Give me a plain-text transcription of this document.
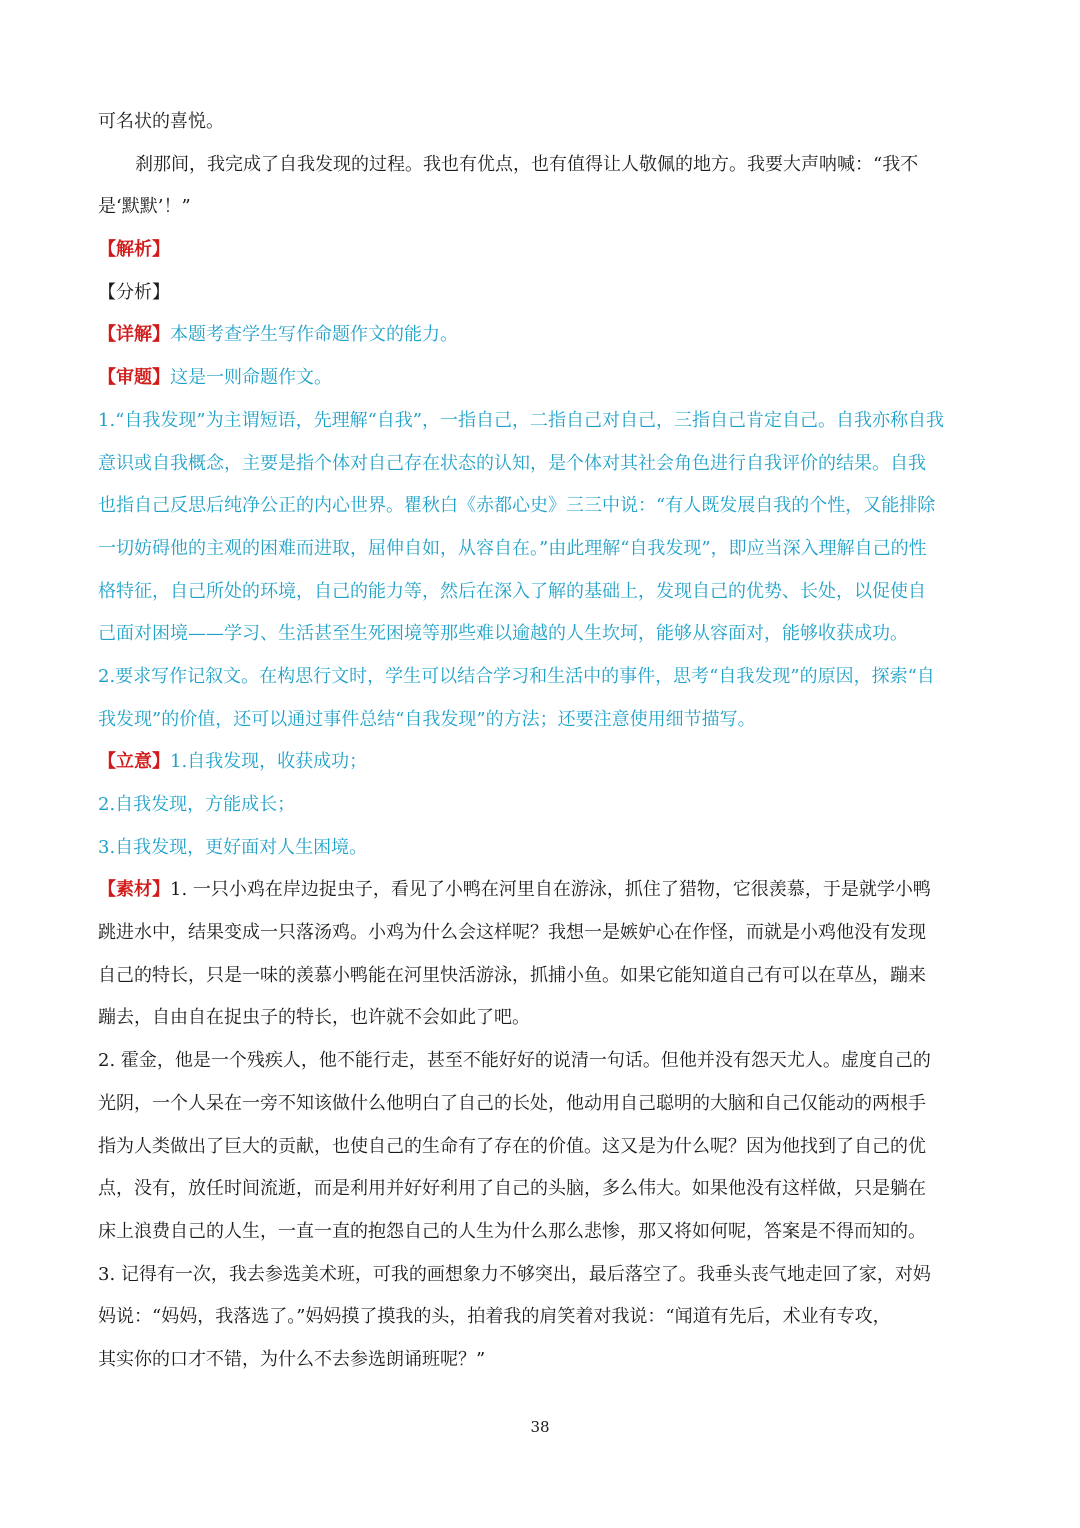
可名状的喜悦。
刹那间，我完成了自我发现的过程。我也有优点，也有值得让人敬佩的地方。我要大声呐喊：“我不
是‘默默’！”
【解析】
【分析】
【详解】本题考查学生写作命题作文的能力。
【审题】这是一则命题作文。
1.“自我发现”为主谓短语，先理解“自我”，一指自己，二指自己对自己，三指自己肯定自己。自我亦称自我
意识或自我概念，主要是指个体对自己存在状态的认知，是个体对其社会角色进行自我评价的结果。自我
也指自己反思后纯净公正的内心世界。瞿秋白《赤都心史》三三中说：“有人既发展自我的个性，又能排除
一切妨碍他的主观的困难而进取，屈伸自如，从容自在。”由此理解“自我发现”，即应当深入理解自己的性
格特征，自己所处的环境，自己的能力等，然后在深入了解的基础上，发现自己的优势、长处，以促使自
己面对困境——学习、生活甚至生死困境等那些难以逾越的人生坎坷，能够从容面对，能够收获成功。
2.要求写作记叙文。在构思行文时，学生可以结合学习和生活中的事件，思考“自我发现”的原因，探索“自
我发现”的价值，还可以通过事件总结“自我发现”的方法；还要注意使用细节描写。
【立意】1.自我发现，收获成功；
2.自我发现，方能成长；
3.自我发现，更好面对人生困境。
【素材】1. 一只小鸡在岸边捉虫子，看见了小鸭在河里自在游泳，抓住了猎物，它很羡慕，于是就学小鸭
跳进水中，结果变成一只落汤鸡。小鸡为什么会这样呢？我想一是嫉妒心在作怪，而就是小鸡他没有发现
自己的特长，只是一味的羡慕小鸭能在河里快活游泳，抓捕小鱼。如果它能知道自己有可以在草丛，蹦来
蹦去，自由自在捉虫子的特长，也许就不会如此了吧。
2. 霍金，他是一个残疾人，他不能行走，甚至不能好好的说清一句话。但他并没有怨天尤人。虚度自己的
光阴，一个人呆在一旁不知该做什么他明白了自己的长处，他动用自己聪明的大脑和自己仅能动的两根手
指为人类做出了巨大的贡献，也使自己的生命有了存在的价值。这又是为什么呢？因为他找到了自己的优
点，没有，放任时间流逝，而是利用并好好利用了自己的头脑，多么伟大。如果他没有这样做，只是躺在
床上浪费自己的人生，一直一直的抱怨自己的人生为什么那么悲惨，那又将如何呢，答案是不得而知的。
3. 记得有一次，我去参选美术班，可我的画想象力不够突出，最后落空了。我垂头丧气地走回了家，对妈
妈说：“妈妈，我落选了。”妈妈摸了摸我的头，拍着我的肩笑着对我说：“闻道有先后，术业有专攻，
其实你的口才不错，为什么不去参选朗诵班呢？”
38
